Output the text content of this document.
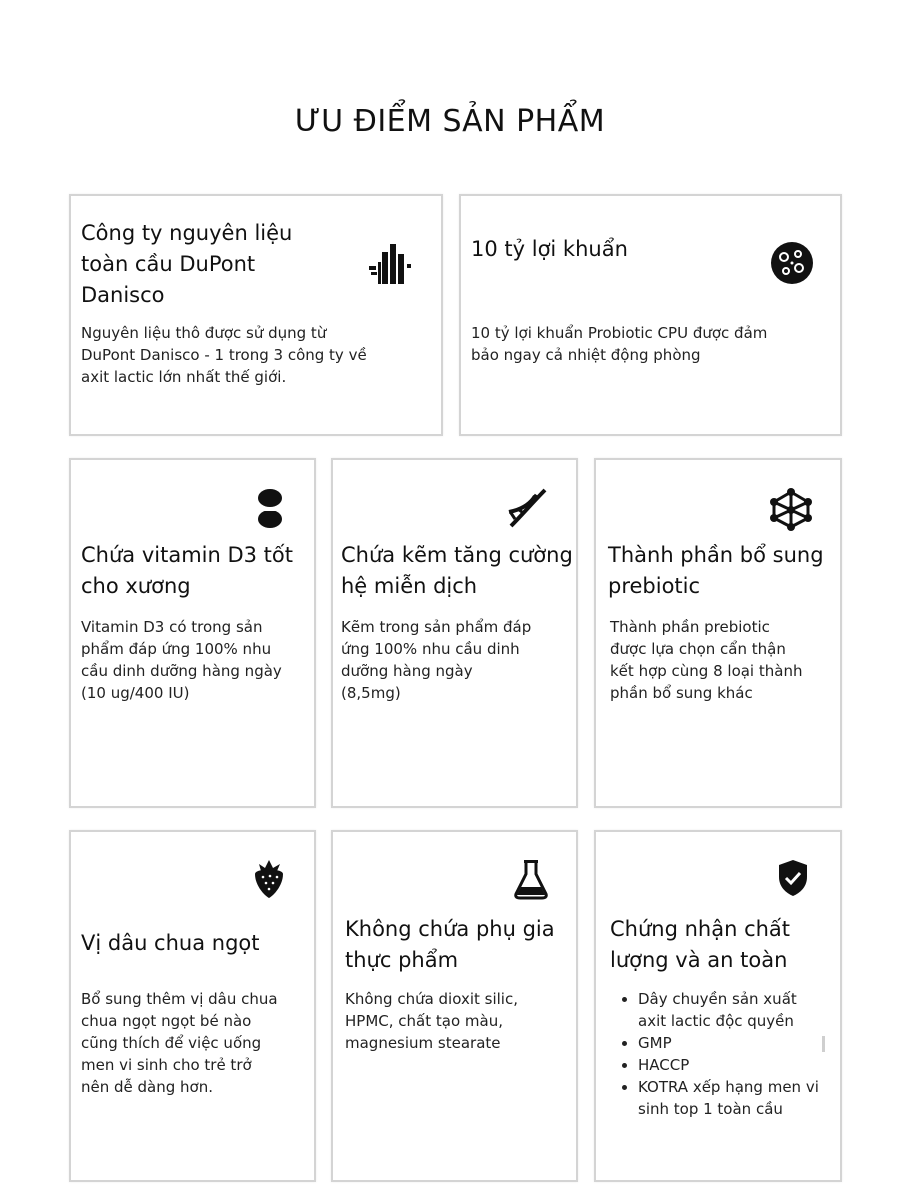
ƯU ĐIỂM SẢN PHẨM

Công ty nguyên liệu toàn cầu DuPont Danisco

Nguyên liệu thô được sử dụng từ DuPont Danisco - 1 trong 3 công ty về axit lactic lớn nhất thế giới.

10 tỷ lợi khuẩn

10 tỷ lợi khuẩn Probiotic CPU được đảm bảo ngay cả nhiệt động phòng

Chứa vitamin D3 tốt cho xương

Vitamin D3 có trong sản phẩm đáp ứng 100% nhu cầu dinh dưỡng hàng ngày (10 ug/400 IU)

Chứa kẽm tăng cường hệ miễn dịch

Kẽm trong sản phẩm đáp ứng 100% nhu cầu dinh dưỡng hàng ngày (8,5mg)

Thành phần bổ sung prebiotic

Thành phần prebiotic được lựa chọn cẩn thận kết hợp cùng 8 loại thành phần bổ sung khác

Vị dâu chua ngọt

Bổ sung thêm vị dâu chua chua ngọt ngọt bé nào cũng thích để việc uống men vi sinh cho trẻ trở nên dễ dàng hơn.

Không chứa phụ gia thực phẩm

Không chứa dioxit silic, HPMC, chất tạo màu, magnesium stearate

Chứng nhận chất lượng và an toàn

• Dây chuyền sản xuất axit lactic độc quyền
• GMP
• HACCP
• KOTRA xếp hạng men vi sinh top 1 toàn cầu
